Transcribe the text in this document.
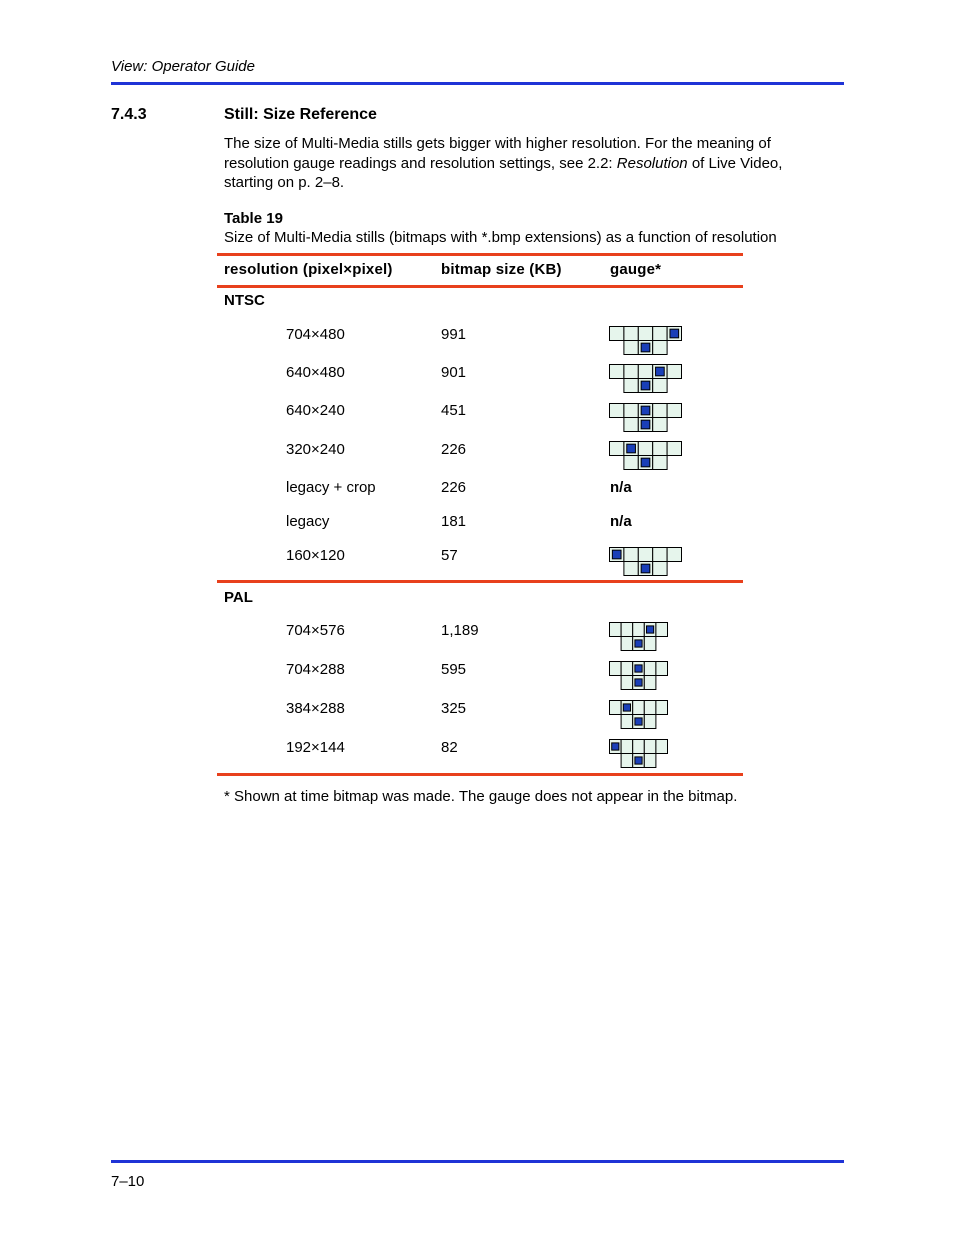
View: Operator Guide
7.4.3	Still: Size Reference
The size of Multi-Media stills gets bigger with higher resolution. For the meaning of resolution gauge readings and resolution settings, see 2.2: Resolution of Live Video, starting on p. 2–8.
Table 19
Size of Multi-Media stills (bitmaps with *.bmp extensions) as a function of resolution
resolution (pixel×pixel)	bitmap size (KB)	gauge*
NTSC
704×480	991
640×480	901
640×240	451
320×240	226
legacy + crop	226	n/a
legacy	181	n/a
160×120	57
PAL
704×576	1,189
704×288	595
384×288	325
192×144	82
* Shown at time bitmap was made. The gauge does not appear in the bitmap.
7–10
